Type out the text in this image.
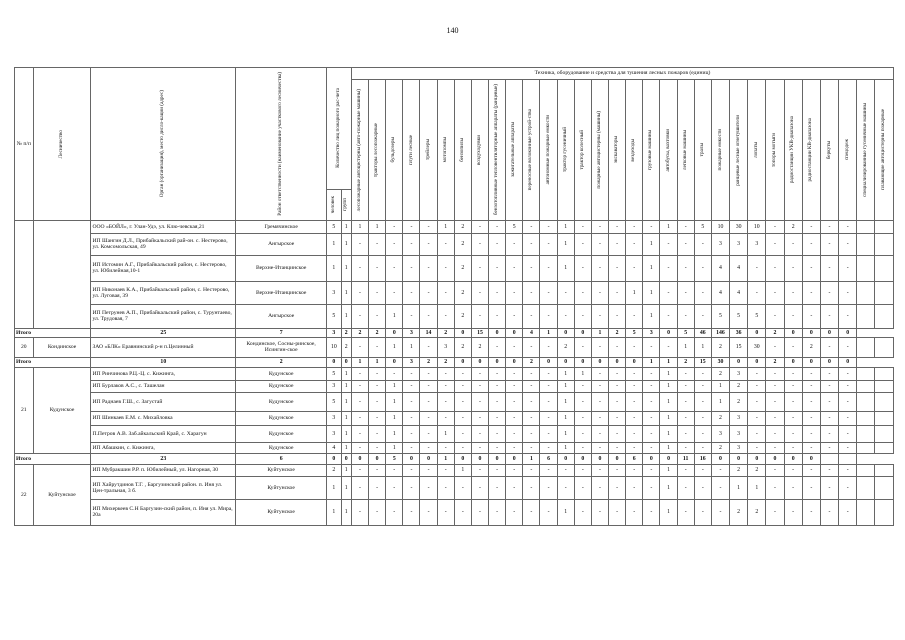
140
№ п/п	Лесничество	Орган (организация), место дисло-кации (адрес)	Район ответственности (наименование участкового лесничества)	Количество лиц пожарного рас-чета		Техника, оборудование и средства для тушения лесных пожаров (единиц)																														

						лесопожарные автоцистерны (авто-пожарные машины)	тракторы лесопожарные	бульдозеры	плуги лесные	трейлеры	мотопомпы	бензопилы	воздуходувки	бензотопливные тепловентиляторные аппараты (ранцевые)	зажигательные аппараты	переносные волоконные устрой-ства	автономные пожарные емкости	трактор гусеничный	трактор колесный	пожарные автоцистерны (машины)	экскаваторы	вездеходы	грузовые машины	автобусы, вахтовки	легковые машины	тралы	пожарные емкости	ранцевые лесные огнетушители	лопаты	топоры мотыги	радиостанции УКВ-диапазона	радиостанции КВ-диапазона	беркуты	спецодеж	специализированные гусеничные машины	плавающие автоцистерны пожарные

				человек	групп																															

		ООО «БОЙЛ», г. Улан-Удэ, ул. Клю-чевская,21	Гремячинское	5	1	1	1	-	-	-	1	2	-	-	5	-	-	1	-	-	-	-	-	1	-	5	10	30	10	-	2	-	-	-		
		ИП Шангин Д.Л., Прибайкальский рай-он. с. Нестерово, ул. Комсомольская, 49	Ангырское	1	1	-	-	-	-	-	-	2	-	-	-	-	-	1	-	-	-	-	1	-	-	-	3	3	3	-	-	-	-	-		
		ИП Истомин А.Г., Прибайкальский район, с. Нестерово, ул. Юбилейная,10-1	Верхне-Итанцинское	1	1	-	-	-	-	-	-	2	-	-	-	-	-	1	-	-	-	-	1	-	-	-	4	4	-	-	-	-	-	-		
		ИП Никонаев К.А., Прибайкальский район, с. Нестерово, ул. Луговая, 39	Верхне-Итанцинское	3	1	-	-	-	-	-	-	2	-	-	-	-	-	-	-	-	-	1	1	-	-	-	4	4	-	-	-	-	-	-		
		ИП Петрунев А.П., Прибайкальский район, с. Турунтаево, ул. Трудовая, 7	Ангырское	5	1	-	-	1	-	-	-	2	-	-	-	-	-	-	-	-	-	-	1	-	-	-	5	5	5	-	-	-	-	-		
Итого		25	7	3	2	2	2	0	3	14	2	0	15	0	0	4	1	0	0	1	2	5	3	0	5	46	146	36	0	2	0	0	0	0		
20	Кондинское	ЗАО «БЛК» Еравнинский р-н п.Целинный	Кондинское, Сосны-ринское, Исингин-ское	10	2	-	-	1	1	-	3	2	2	-	-	-	-	2	-	-	-	-	-	-	1	1	2	15	30	-	-	2	-	-		
Итого		10	2	0	0	1	1	0	3	2	2	0	0	0	0	2	0	0	0	0	0	0	1	1	2	15	30	0	0	2	0	0	0	0		
21	Кудунское	ИП Ринчинова Р.Ц.-Ц. с. Кижинга,	Кудунское	5	1	-	-	-	-	-	-	-	-	-	-	-	-	1	1	-	-	-	-	1	-	-	2	3	-	-	-	-	-	-		
		ИП Бурлаков А.С., с. Ташелан	Кудунское	3	1	-	-	1	-	-	-	-	-	-	-	-	-	1	-	-	-	-	-	1	-	-	1	2	-	-	-	-	-	-		
		ИП Раднаев Г.Ш., с. Загустай	Кудунское	5	1	-	-	1	-	-	-	-	-	-	-	-	-	1	-	-	-	-	-	1	-	-	1	2	-	-	-	-	-	-		
		ИП Шинкаев Е.М. с. Михайловка	Кудунское	3	1	-	-	1	-	-	-	-	-	-	-	-	-	1	-	-	-	-	-	1	-	-	2	3	-	-	-	-	-	-		
		П.Петров А.В. Заб.айкальский Край, с. Харагун	Кудунское	3	1	-	-	1	-	-	1	-	-	-	-	-	-	1	-	-	-	-	-	1	-	-	3	3	-	-	-	-	-	-		
		ИП Абашкин, с. Кижинга,	Кудунское	4	1	-	-	1	-	-	-	-	-	-	-	-	-	1	-	-	-	-	-	1	-	-	2	3	-	-	-	-	-	-		
Итого		23	6	0	0	0	0	5	0	0	1	0	0	0	0	1	6	0	0	0	0	6	0	0	11	16	0	0	0	0	0	0				
22	Куйтунское	ИП Мубракшин Р.Р. п. Юбилейный, ул. Нагорная, 30	Куйтунское	2	1	-	-	-	-	-	-	1	-	-	-	-	-	-	-	-	-	-	-	1	-	-	-	2	2	-	-	-	-	-		
		ИП Хайрутдинов Т.Г. , Баргузинский район. п. Иня ул. Цен-тральная, 3 б.	Куйтунское	1	1	-	-	-	-	-	-	-	-	-	-	-	-	-	-	-	-	-	-	1	-	-	-	1	1	-	-	-	-	-		
		ИП Михеркеев С.Н Баргузин-ский район, п. Иня ул. Мира, 20а	Куйтунское	1	1	-	-	-	-	-	-	-	-	-	-	-	-	1	-	-	-	-	-	1	-	-	-	2	2	-	-	-	-	-		
